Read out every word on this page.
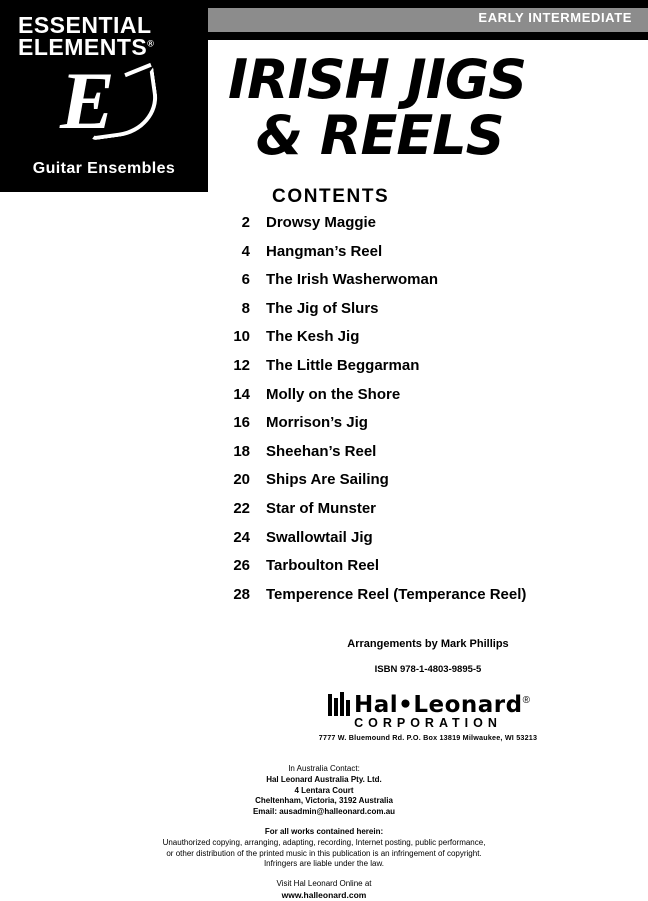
EARLY INTERMEDIATE
ESSENTIAL
ELEMENTS®
E
Guitar Ensembles
IRISH JIGS
& REELS
CONTENTS
2 Drowsy Maggie
4 Hangman’s Reel
6 The Irish Washerwoman
8 The Jig of Slurs
10 The Kesh Jig
12 The Little Beggarman
14 Molly on the Shore
16 Morrison’s Jig
18 Sheehan’s Reel
20 Ships Are Sailing
22 Star of Munster
24 Swallowtail Jig
26 Tarboulton Reel
28 Temperence Reel (Temperance Reel)
Arrangements by Mark Phillips
ISBN 978-1-4803-9895-5
Hal•Leonard®
CORPORATION
7777 W. Bluemound Rd. P.O. Box 13819 Milwaukee, WI 53213
In Australia Contact:
Hal Leonard Australia Pty. Ltd.
4 Lentara Court
Cheltenham, Victoria, 3192 Australia
Email: ausadmin@halleonard.com.au
For all works contained herein:
Unauthorized copying, arranging, adapting, recording, Internet posting, public performance,
or other distribution of the printed music in this publication is an infringement of copyright.
Infringers are liable under the law.
Visit Hal Leonard Online at
www.halleonard.com
